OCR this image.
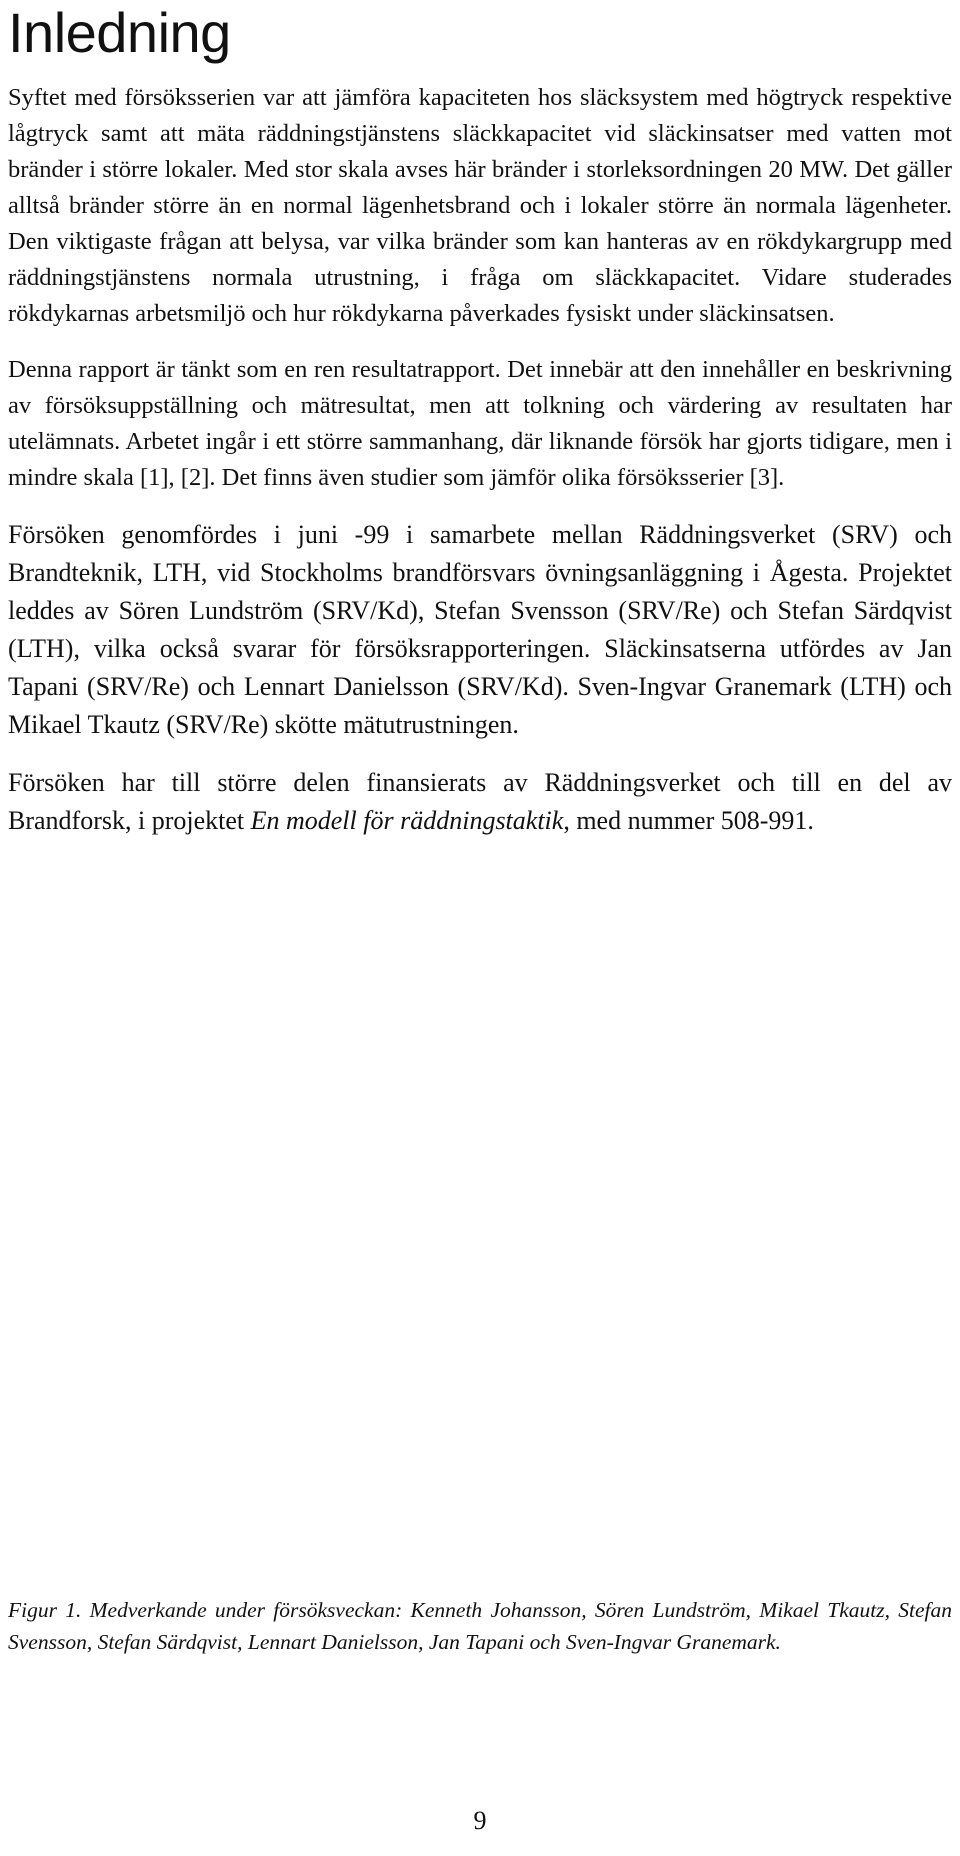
Inledning

Syftet med försöksserien var att jämföra kapaciteten hos släcksystem med högtryck respektive lågtryck samt att mäta räddningstjänstens släckkapacitet vid släckinsatser med vatten mot bränder i större lokaler. Med stor skala avses här bränder i storleksordningen 20 MW. Det gäller alltså bränder större än en normal lägenhetsbrand och i lokaler större än normala lägenheter. Den viktigaste frågan att belysa, var vilka bränder som kan hanteras av en rökdykargrupp med räddningstjänstens normala utrustning, i fråga om släckkapacitet. Vidare studerades rökdykarnas arbetsmiljö och hur rökdykarna påverkades fysiskt under släckinsatsen.

Denna rapport är tänkt som en ren resultatrapport. Det innebär att den innehåller en beskrivning av försöksuppställning och mätresultat, men att tolkning och värdering av resultaten har utelämnats. Arbetet ingår i ett större sammanhang, där liknande försök har gjorts tidigare, men i mindre skala [1], [2]. Det finns även studier som jämför olika försöksserier [3].

Försöken genomfördes i juni -99 i samarbete mellan Räddningsverket (SRV) och Brandteknik, LTH, vid Stockholms brandförsvars övningsanläggning i Ågesta. Projektet leddes av Sören Lundström (SRV/Kd), Stefan Svensson (SRV/Re) och Stefan Särdqvist (LTH), vilka också svarar för försöksrapporteringen. Släckinsatserna utfördes av Jan Tapani (SRV/Re) och Lennart Danielsson (SRV/Kd). Sven-Ingvar Granemark (LTH) och Mikael Tkautz (SRV/Re) skötte mätutrustningen.

Försöken har till större delen finansierats av Räddningsverket och till en del av Brandforsk, i projektet En modell för räddningstaktik, med nummer 508-991.

Figur 1. Medverkande under försöksveckan: Kenneth Johansson, Sören Lundström, Mikael Tkautz, Stefan Svensson, Stefan Särdqvist, Lennart Danielsson, Jan Tapani och Sven-Ingvar Granemark.

9
